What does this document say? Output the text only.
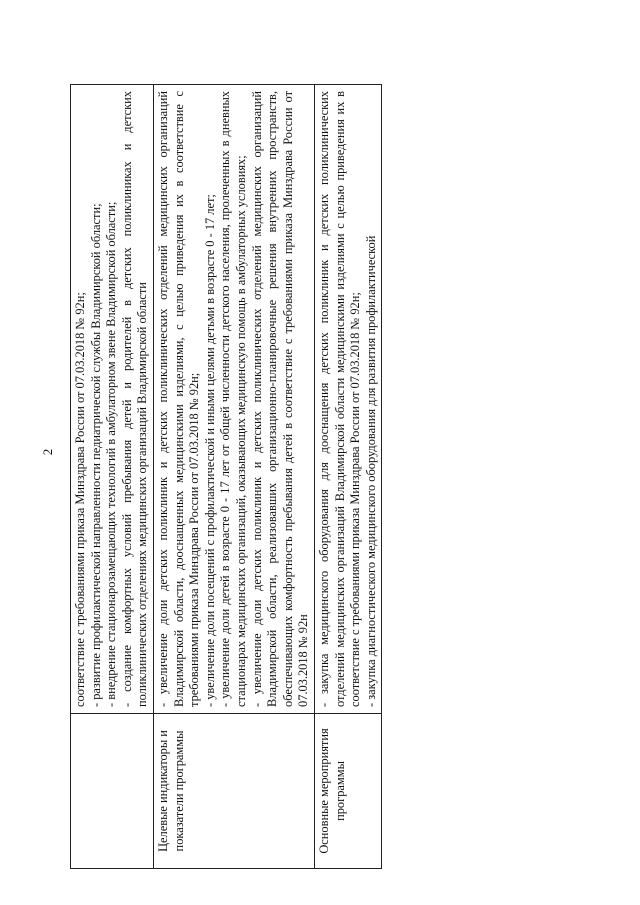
2

	соответствие с требованиями приказа Минздрава России от 07.03.2018 № 92н; - развитие профилактической направленности педиатрической службы Владимирской области; - внедрение стационарозамещающих технологий в амбулаторном звене Владимирской области; - создание комфортных условий пребывания детей и родителей в детских поликлиниках и детских поликлинических отделениях медицинских организаций Владимирской области

Целевые индикаторы и показатели программы	- увеличение доли детских поликлиник и детских поликлинических отделений медицинских организаций Владимирской области, дооснащенных медицинскими изделиями, с целью приведения их в соответствие с требованиями приказа Минздрава России от 07.03.2018 № 92н; - увеличение доли посещений с профилактической и иными целями детьми в возрасте 0 - 17 лет; - увеличение доли детей в возрасте 0 - 17 лет от общей численности детского населения, пролеченных в дневных стационарах медицинских организаций, оказывающих медицинскую помощь в амбулаторных условиях; - увеличение доли детских поликлиник и детских поликлинических отделений медицинских организаций Владимирской области, реализовавших организационно-планировочные решения внутренних пространств, обеспечивающих комфортность пребывания детей в соответствие с требованиями приказа Минздрава России от 07.03.2018 № 92н

Основные мероприятия программы	- закупка медицинского оборудования для дооснащения детских поликлиник и детских поликлинических отделений медицинских организаций Владимирской области медицинскими изделиями с целью приведения их в соответствие с требованиями приказа Минздрава России от 07.03.2018 № 92н; - закупка диагностического медицинского оборудования для развития профилактической
